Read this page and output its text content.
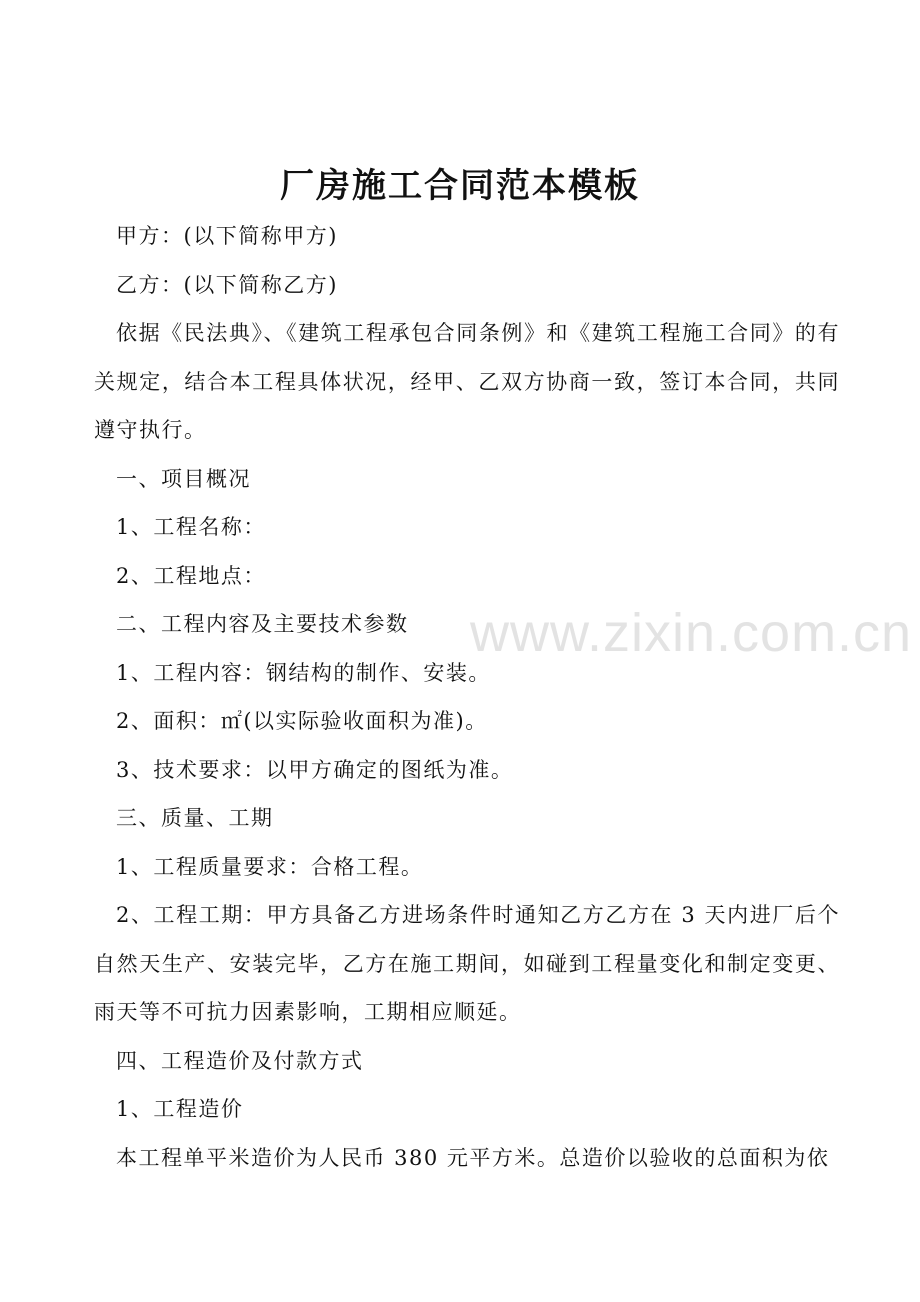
www.zixin.com.cn
厂房施工合同范本模板

甲方：(以下简称甲方)

乙方：(以下简称乙方)

依据《民法典》、《建筑工程承包合同条例》和《建筑工程施工合同》的有关规定，结合本工程具体状况，经甲、乙双方协商一致，签订本合同，共同遵守执行。

一、项目概况

1、工程名称：

2、工程地点：

二、工程内容及主要技术参数

1、工程内容：钢结构的制作、安装。

2、面积：㎡(以实际验收面积为准)。

3、技术要求：以甲方确定的图纸为准。

三、质量、工期

1、工程质量要求：合格工程。

2、工程工期：甲方具备乙方进场条件时通知乙方乙方在 3 天内进厂后个自然天生产、安装完毕，乙方在施工期间，如碰到工程量变化和制定变更、雨天等不可抗力因素影响，工期相应顺延。

四、工程造价及付款方式

1、工程造价

本工程单平米造价为人民币 380 元平方米。总造价以验收的总面积为依
